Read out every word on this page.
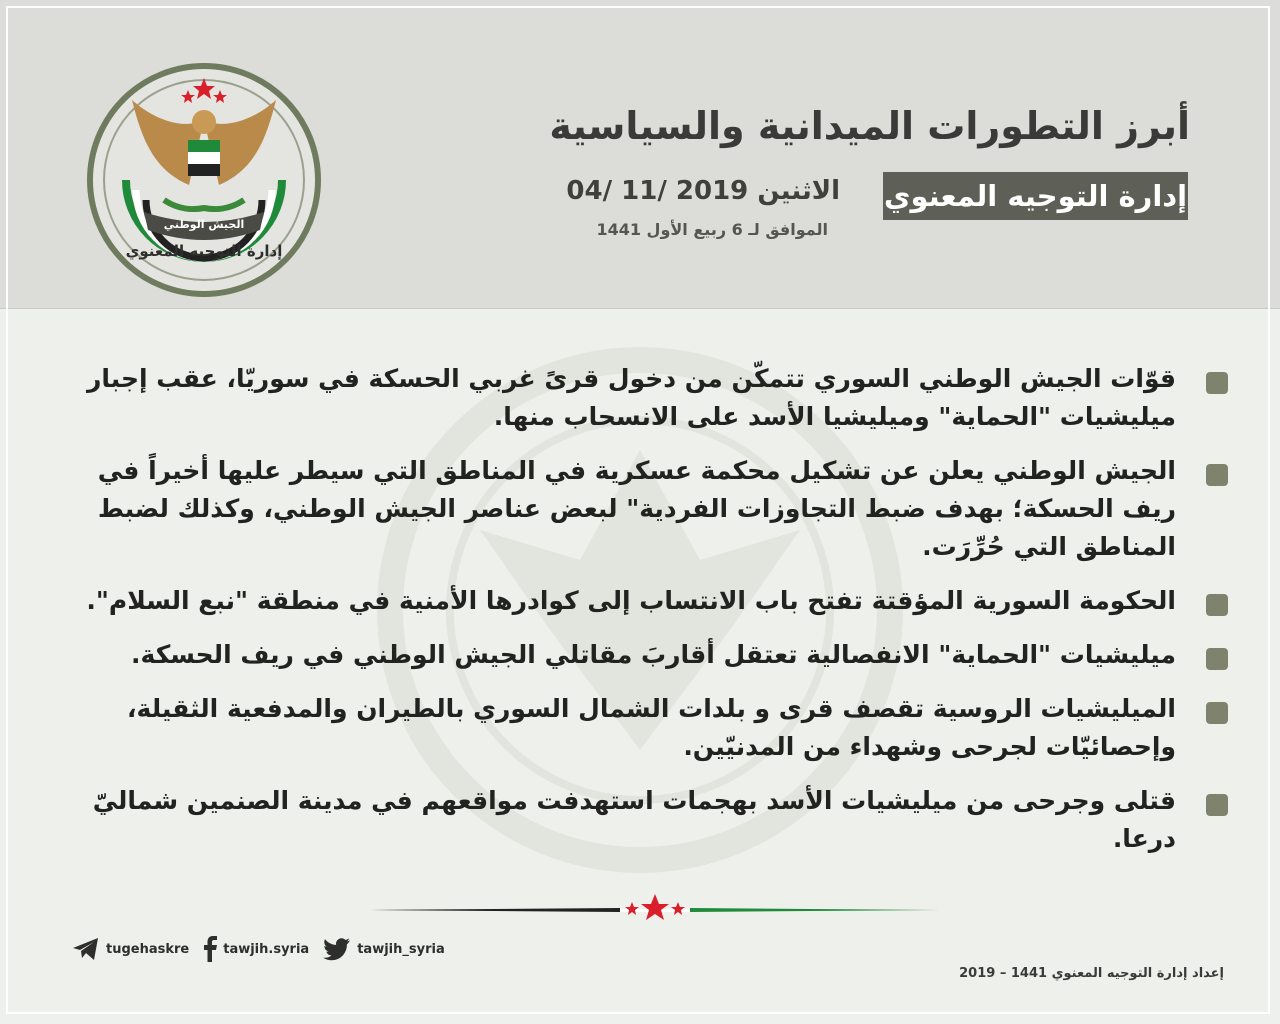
الجيش الوطني
إدارة التوجيه المعنوي
أبرز التطورات الميدانية والسياسية
إدارة التوجيه المعنوي
الاثنين 2019 /11 /04
الموافق لـ 6 ربيع الأول 1441
قوّات الجيش الوطني السوري تتمكّن من دخول قرىً غربي الحسكة في سوريّا، عقب إجبار ميليشيات "الحماية" وميليشيا الأسد على الانسحاب منها.
الجيش الوطني يعلن عن تشكيل محكمة عسكرية في المناطق التي سيطر عليها أخيراً في ريف الحسكة؛ بهدف ضبط التجاوزات الفردية" لبعض عناصر الجيش الوطني، وكذلك لضبط المناطق التي حُرِّرَت.
الحكومة السورية المؤقتة تفتح باب الانتساب إلى كوادرها الأمنية في منطقة "نبع السلام".
ميليشيات "الحماية" الانفصالية تعتقل أقاربَ مقاتلي الجيش الوطني في ريف الحسكة.
الميليشيات الروسية تقصف قرى و بلدات الشمال السوري بالطيران والمدفعية الثقيلة، وإحصائيّات لجرحى وشهداء من المدنيّين.
قتلى وجرحى من ميليشيات الأسد بهجمات استهدفت مواقعهم في مدينة الصنمين شماليّ درعا.
tugehaskre	tawjih.syria	tawjih_syria
إعداد إدارة التوجيه المعنوي 1441 – 2019
